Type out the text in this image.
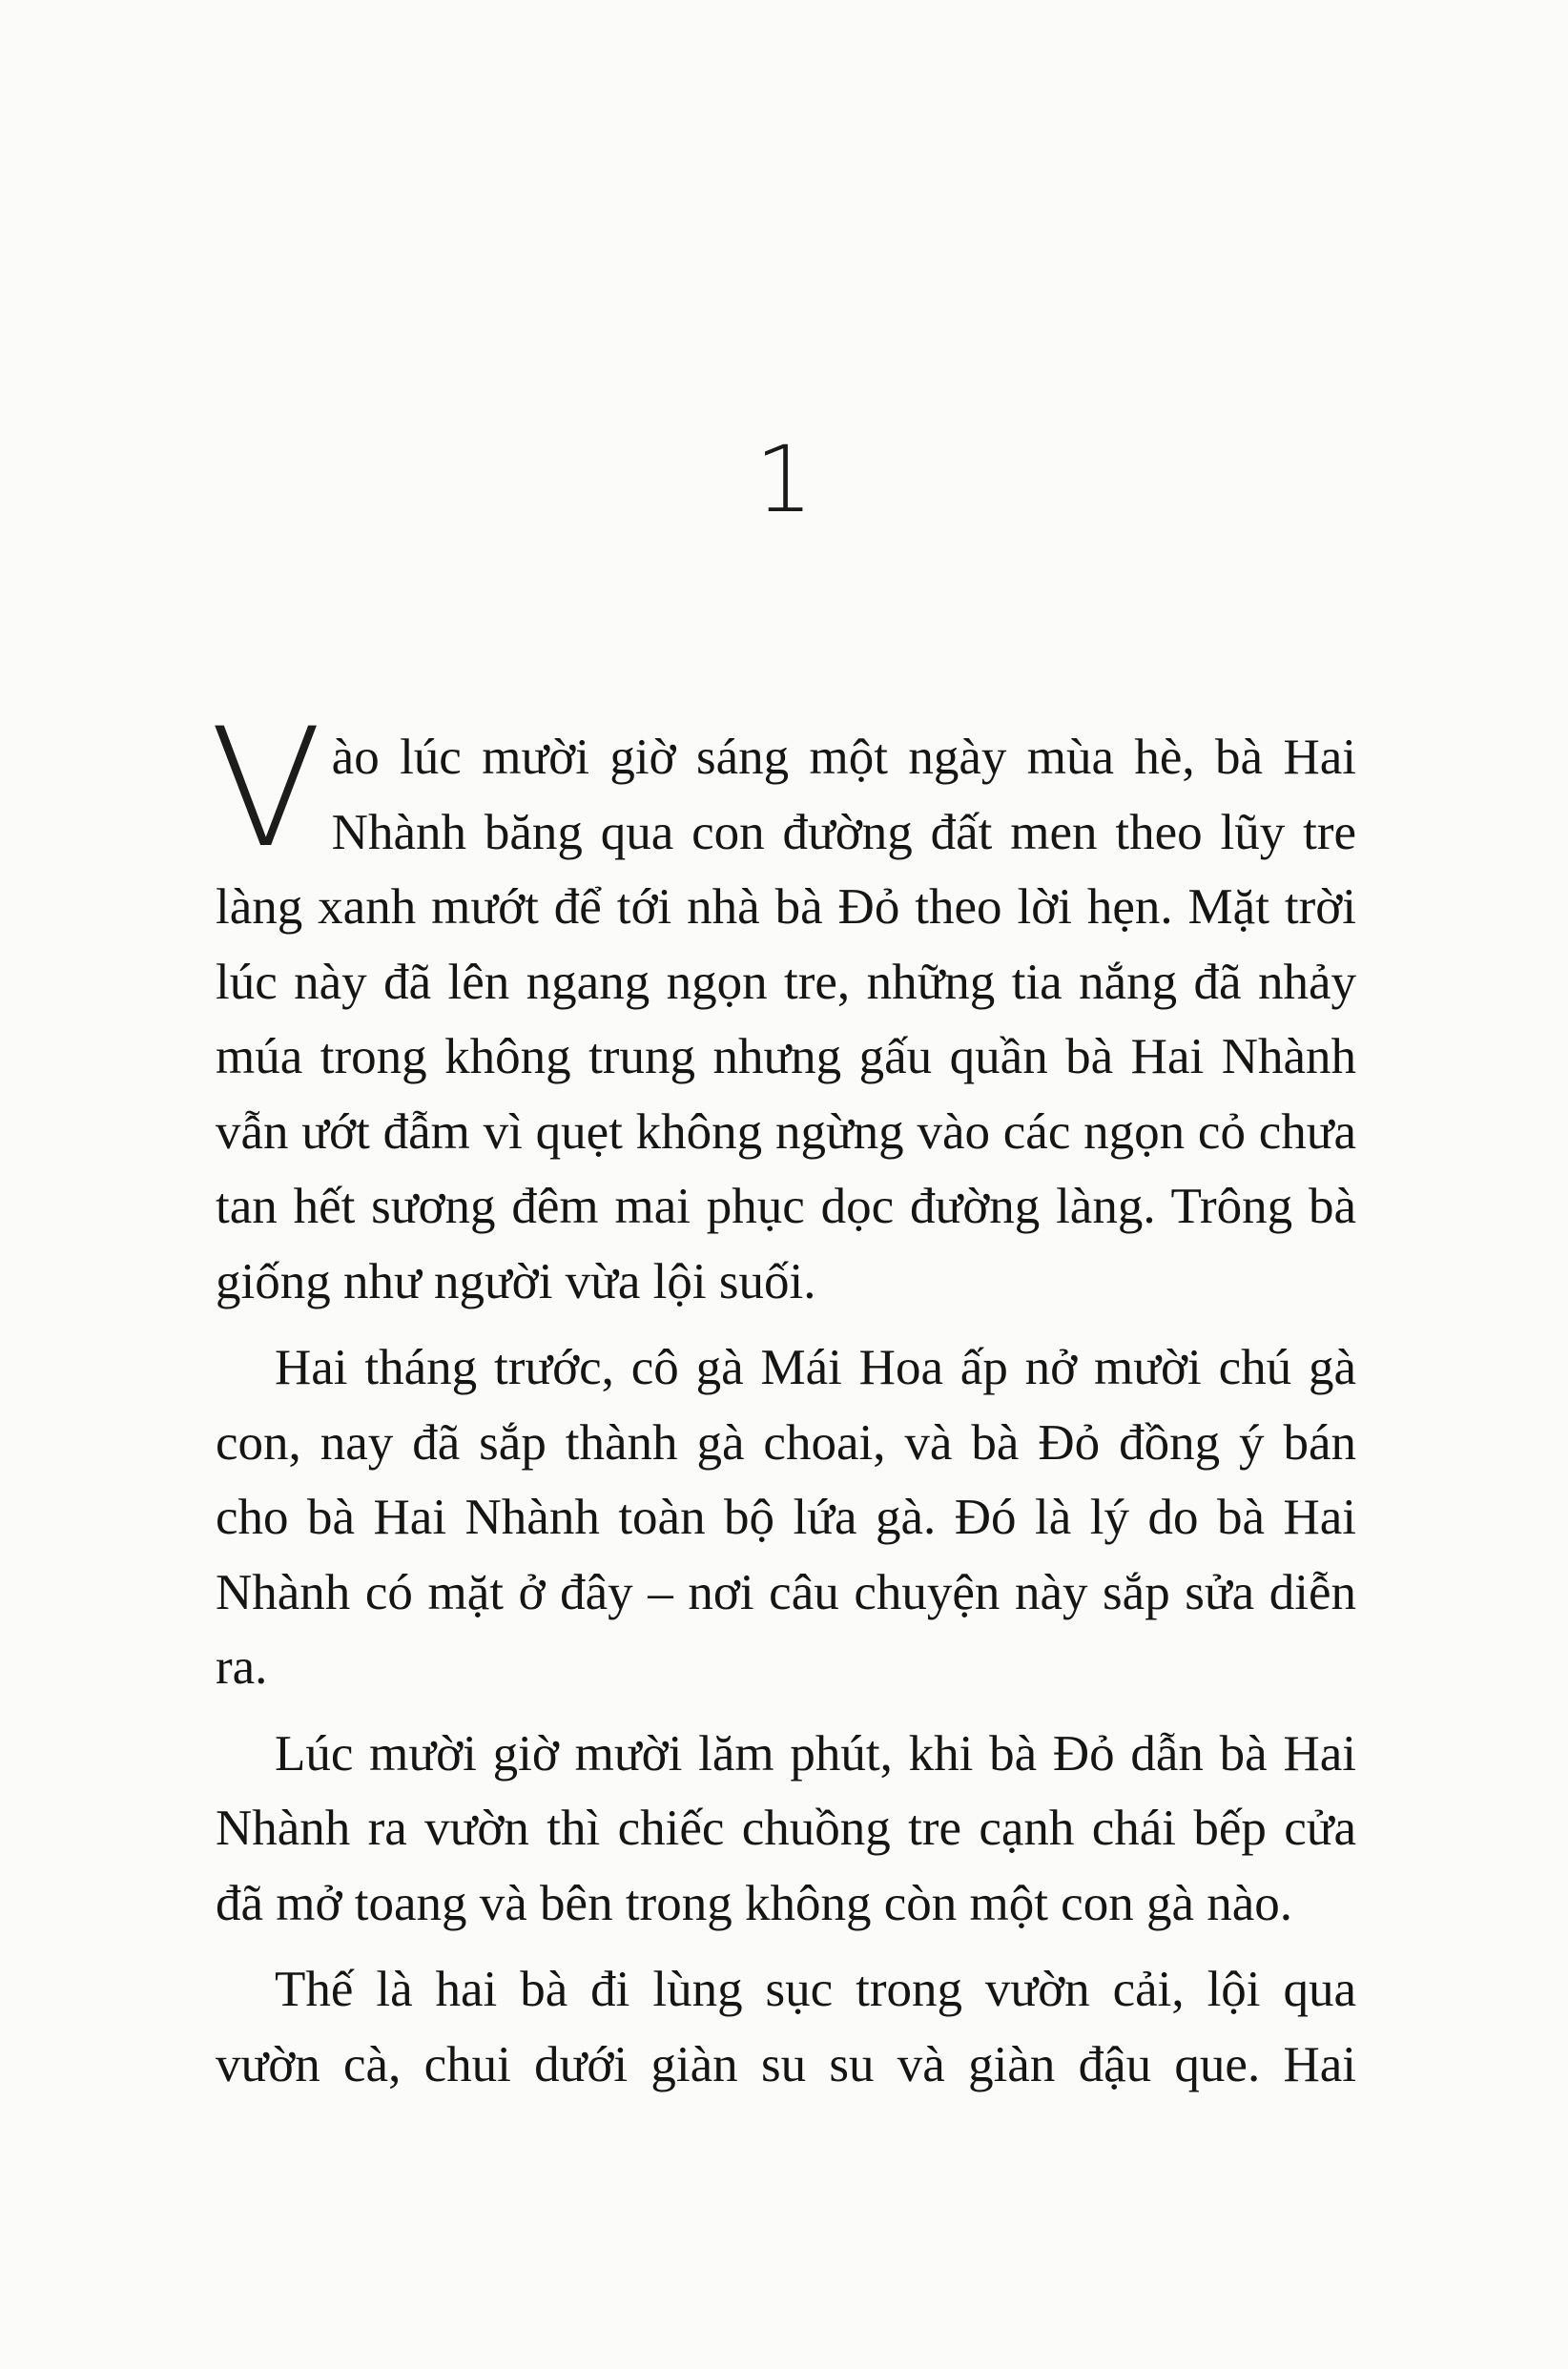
1

Vào lúc mười giờ sáng một ngày mùa hè, bà Hai Nhành băng qua con đường đất men theo lũy tre làng xanh mướt để tới nhà bà Đỏ theo lời hẹn. Mặt trời lúc này đã lên ngang ngọn tre, những tia nắng đã nhảy múa trong không trung nhưng gấu quần bà Hai Nhành vẫn ướt đẫm vì quẹt không ngừng vào các ngọn cỏ chưa tan hết sương đêm mai phục dọc đường làng. Trông bà giống như người vừa lội suối.

Hai tháng trước, cô gà Mái Hoa ấp nở mười chú gà con, nay đã sắp thành gà choai, và bà Đỏ đồng ý bán cho bà Hai Nhành toàn bộ lứa gà. Đó là lý do bà Hai Nhành có mặt ở đây – nơi câu chuyện này sắp sửa diễn ra.

Lúc mười giờ mười lăm phút, khi bà Đỏ dẫn bà Hai Nhành ra vườn thì chiếc chuồng tre cạnh chái bếp cửa đã mở toang và bên trong không còn một con gà nào.

Thế là hai bà đi lùng sục trong vườn cải, lội qua vườn cà, chui dưới giàn su su và giàn đậu que. Hai
